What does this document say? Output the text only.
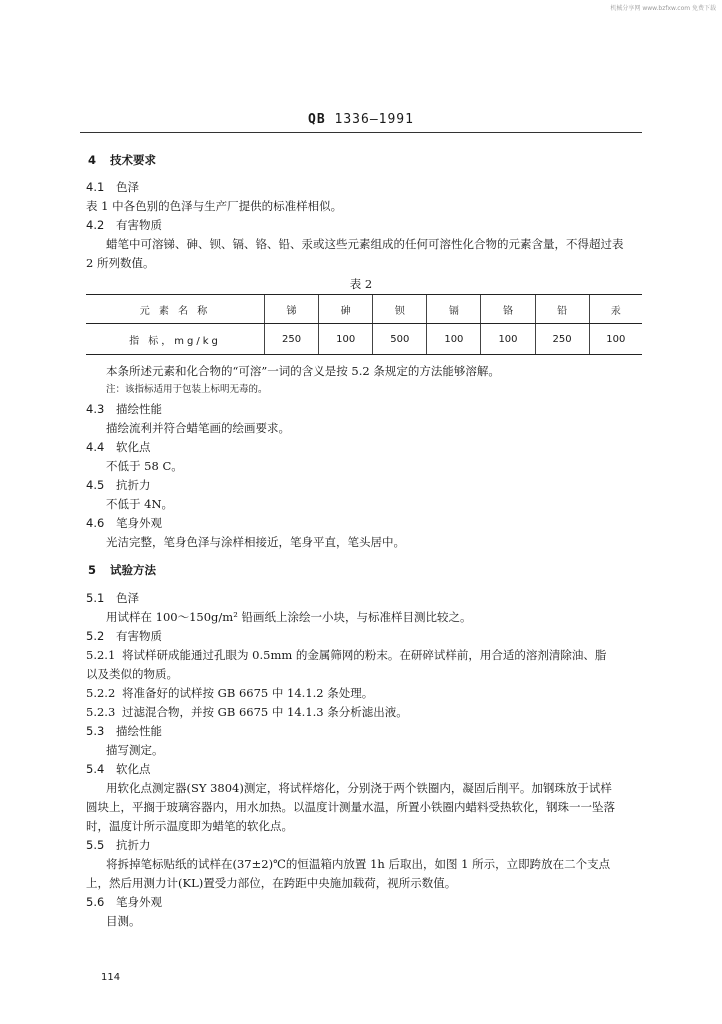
机械分享网 www.bzfxw.com 免费下载
QB 1336—1991
4 技术要求
4.1 色泽
表 1 中各色别的色泽与生产厂提供的标准样相似。
4.2 有害物质
蜡笔中可溶锑、砷、钡、镉、铬、铅、汞或这些元素组成的任何可溶性化合物的元素含量，不得超过表
2 所列数值。
表 2
元 素 名 称	锑	砷	钡	镉	铬	铅	汞
指 标，mg/kg	250	100	500	100	100	250	100
本条所述元素和化合物的“可溶”一词的含义是按 5.2 条规定的方法能够溶解。
注：该指标适用于包装上标明无毒的。
4.3 描绘性能
描绘流利并符合蜡笔画的绘画要求。
4.4 软化点
不低于 58 C。
4.5 抗折力
不低于 4N。
4.6 笔身外观
光洁完整，笔身色泽与涂样相接近，笔身平直，笔头居中。
5 试验方法
5.1 色泽
用试样在 100～150g/m² 铅画纸上涂绘一小块，与标准样目测比较之。
5.2 有害物质
5.2.1 将试样研成能通过孔眼为 0.5mm 的金属筛网的粉末。在研碎试样前，用合适的溶剂清除油、脂
以及类似的物质。
5.2.2 将准备好的试样按 GB 6675 中 14.1.2 条处理。
5.2.3 过滤混合物，并按 GB 6675 中 14.1.3 条分析滤出液。
5.3 描绘性能
描写测定。
5.4 软化点
用软化点测定器(SY 3804)测定，将试样熔化，分别浇于两个铁圈内，凝固后削平。加钢珠放于试样
圆块上，平搁于玻璃容器内，用水加热。以温度计测量水温，所置小铁圈内蜡料受热软化，钢珠一一坠落
时，温度计所示温度即为蜡笔的软化点。
5.5 抗折力
将拆掉笔标贴纸的试样在(37±2)℃的恒温箱内放置 1h 后取出，如图 1 所示，立即跨放在二个支点
上，然后用测力计(KL)置受力部位，在跨距中央施加载荷，视所示数值。
5.6 笔身外观
目测。
114
